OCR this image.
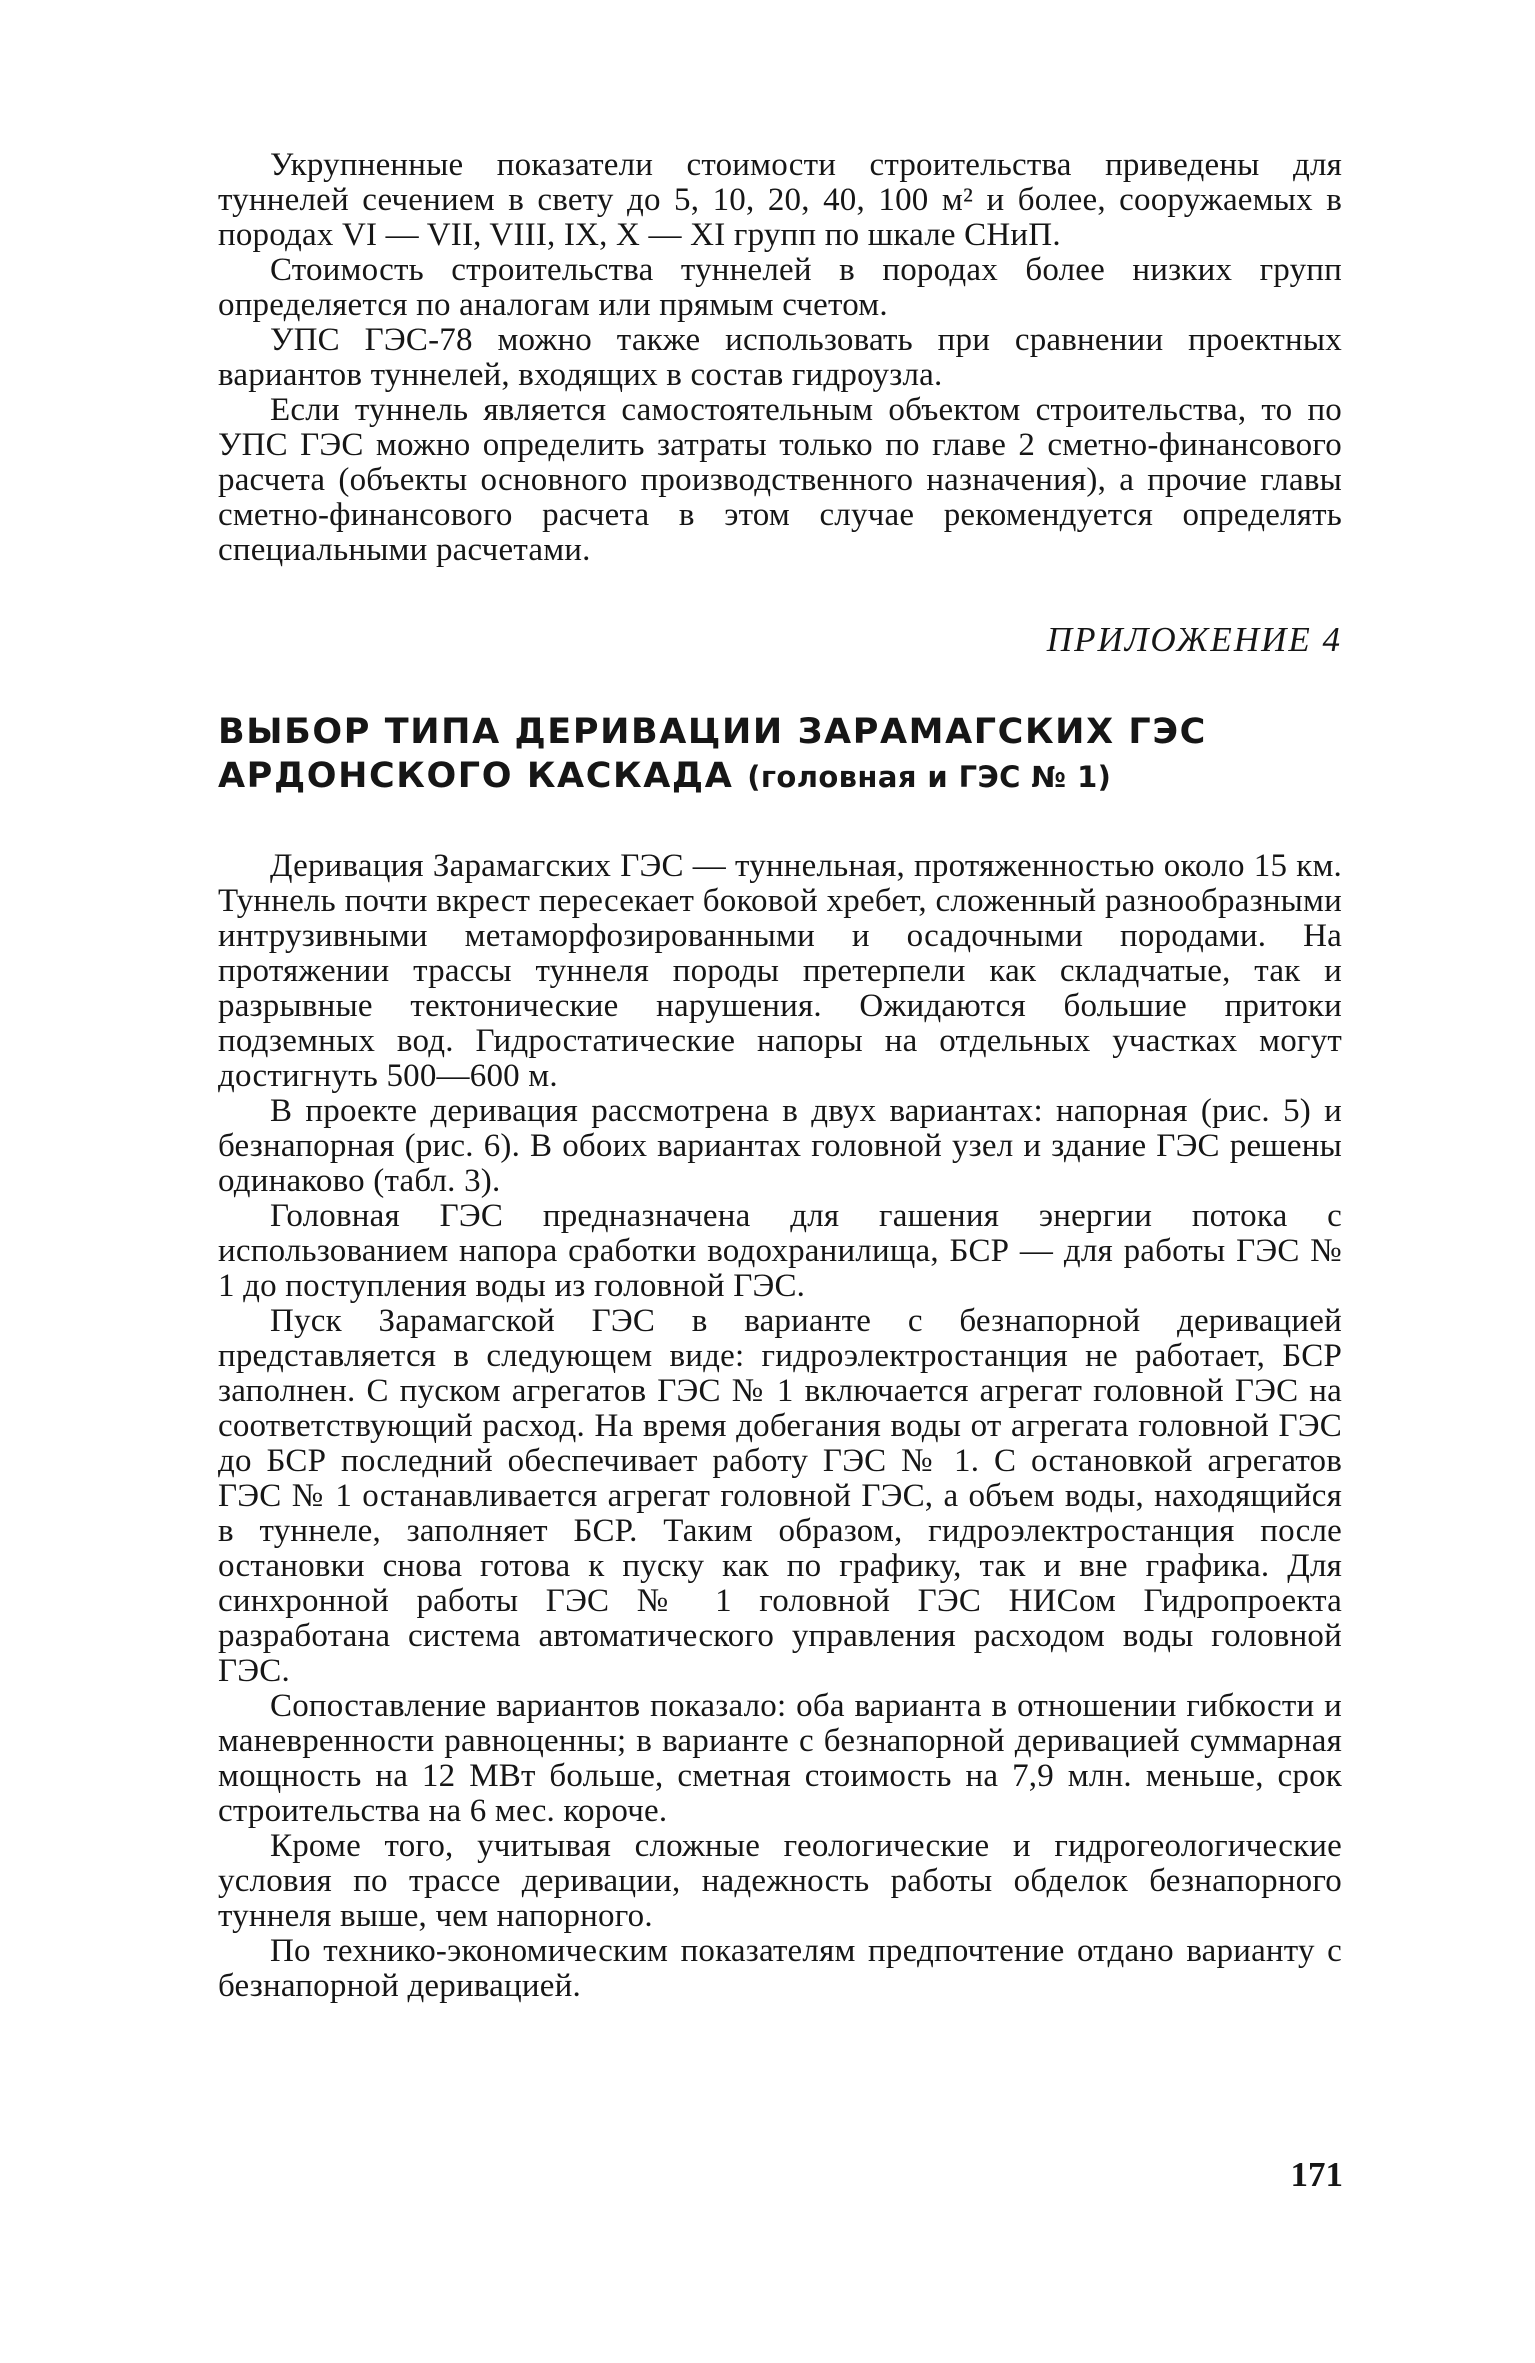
Укрупненные показатели стоимости строительства приведены для туннелей сечением в свету до 5, 10, 20, 40, 100 м² и более, сооружаемых в породах VI — VII, VIII, IX, X — XI групп по шкале СНиП.

Стоимость строительства туннелей в породах более низких групп определяется по аналогам или прямым счетом.

УПС ГЭС-78 можно также использовать при сравнении проектных вариантов туннелей, входящих в состав гидроузла.

Если туннель является самостоятельным объектом строительства, то по УПС ГЭС можно определить затраты только по главе 2 сметно-финансового расчета (объекты основного производственного назначения), а прочие главы сметно-финансового расчета в этом случае рекомендуется определять специальными расчетами.

ПРИЛОЖЕНИЕ 4
ВЫБОР ТИПА ДЕРИВАЦИИ ЗАРАМАГСКИХ ГЭС
АРДОНСКОГО КАСКАДА (головная и ГЭС № 1)

Деривация Зарамагских ГЭС — туннельная, протяженностью около 15 км. Туннель почти вкрест пересекает боковой хребет, сложенный разнообразными интрузивными метаморфозированными и осадочными породами. На протяжении трассы туннеля породы претерпели как складчатые, так и разрывные тектонические нарушения. Ожидаются большие притоки подземных вод. Гидростатические напоры на отдельных участках могут достигнуть 500—600 м.

В проекте деривация рассмотрена в двух вариантах: напорная (рис. 5) и безнапорная (рис. 6). В обоих вариантах головной узел и здание ГЭС решены одинаково (табл. 3).

Головная ГЭС предназначена для гашения энергии потока с использованием напора сработки водохранилища, БСР — для работы ГЭС № 1 до поступления воды из головной ГЭС.

Пуск Зарамагской ГЭС в варианте с безнапорной деривацией представляется в следующем виде: гидроэлектростанция не работает, БСР заполнен. С пуском агрегатов ГЭС № 1 включается агрегат головной ГЭС на соответствующий расход. На время добегания воды от агрегата головной ГЭС до БСР последний обеспечивает работу ГЭС № 1. С остановкой агрегатов ГЭС № 1 останавливается агрегат головной ГЭС, а объем воды, находящийся в туннеле, заполняет БСР. Таким образом, гидроэлектростанция после остановки снова готова к пуску как по графику, так и вне графика. Для синхронной работы ГЭС № 1 головной ГЭС НИСом Гидропроекта разработана система автоматического управления расходом воды головной ГЭС.

Сопоставление вариантов показало: оба варианта в отношении гибкости и маневренности равноценны; в варианте с безнапорной деривацией суммарная мощность на 12 МВт больше, сметная стоимость на 7,9 млн. меньше, срок строительства на 6 мес. короче.

Кроме того, учитывая сложные геологические и гидрогеологические условия по трассе деривации, надежность работы обделок безнапорного туннеля выше, чем напорного.

По технико-экономическим показателям предпочтение отдано варианту с безнапорной деривацией.

171
